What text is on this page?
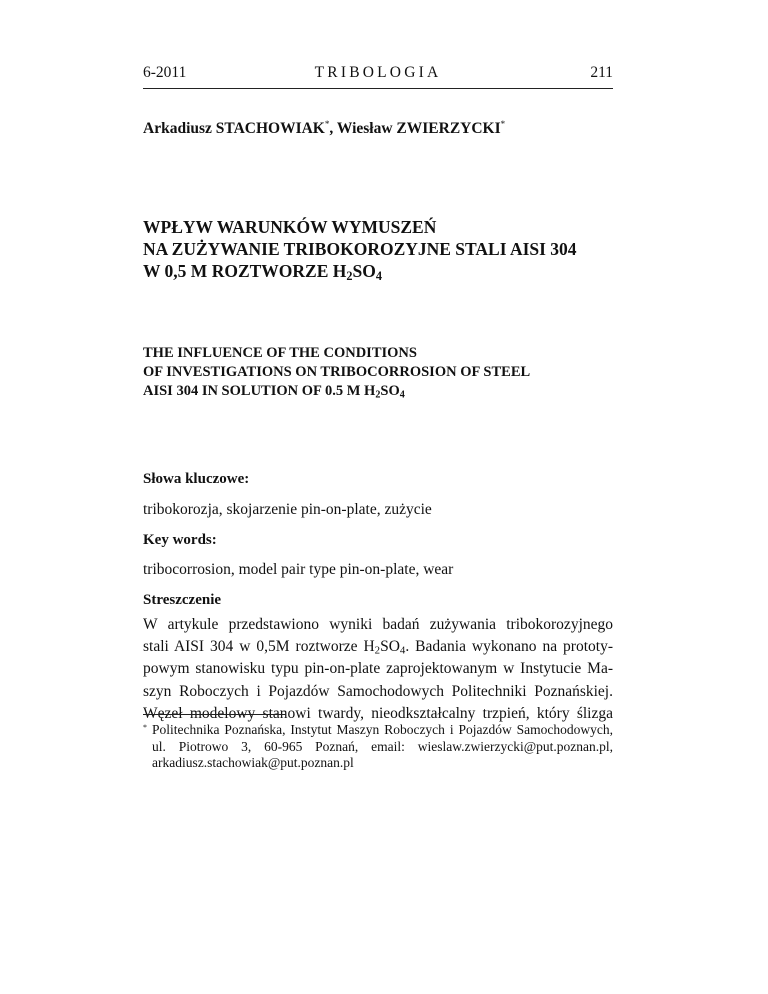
6-2011	TRIBOLOGIA	211
Arkadiusz STACHOWIAK*, Wiesław ZWIERZYCKI*
WPŁYW WARUNKÓW WYMUSZEŃ
NA ZUŻYWANIE TRIBOKOROZYJNE STALI AISI 304
W 0,5 M ROZTWORZE $H_2SO_4$
THE INFLUENCE OF THE CONDITIONS
OF INVESTIGATIONS ON TRIBOCORROSION OF STEEL
AISI 304 IN SOLUTION OF 0.5 M $H_2SO_4$
Słowa kluczowe:
tribokorozja, skojarzenie pin-on-plate, zużycie
Key words:
tribocorrosion, model pair type pin-on-plate, wear
Streszczenie
W artykule przedstawiono wyniki badań zużywania tribokorozyjnego
stali AISI 304 w 0,5M roztworze $H_2SO_4$. Badania wykonano na prototy-
powym stanowisku typu pin-on-plate zaprojektowanym w Instytucie Ma-
szyn Roboczych i Pojazdów Samochodowych Politechniki Poznańskiej.
Węzeł modelowy stanowi twardy, nieodkształcalny trzpień, który ślizga
* Politechnika Poznańska, Instytut Maszyn Roboczych i Pojazdów Samochodowych,
ul. Piotrowo 3, 60-965 Poznań, email: wieslaw.zwierzycki@put.poznan.pl,
arkadiusz.stachowiak@put.poznan.pl
